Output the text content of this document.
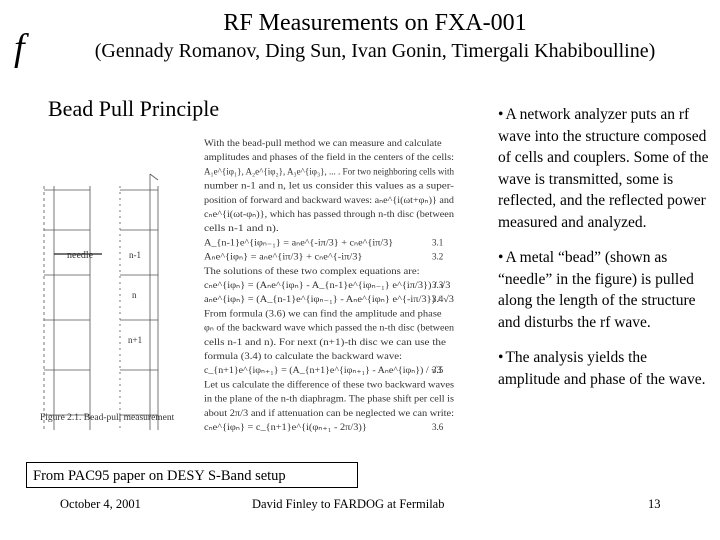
f
RF Measurements on FXA-001
(Gennady Romanov, Ding Sun, Ivan Gonin, Timergali Khabiboulline)
Bead Pull Principle
needle	n-1
n
n+1
Figure 2.1. Bead-pull measurement
With the bead-pull method we can measure and calculate
amplitudes and phases of the field in the centers of the cells:
A₁e^{iφ₁}, A₂e^{iφ₂}, A₃e^{iφ₃}, ... . For two neighboring cells with
number n-1 and n, let us consider this values as a super-
position of forward and backward waves: aₙe^{i(ωt+φₙ)} and
cₙe^{i(ωt-φₙ)}, which has passed through n-th disc (between
cells n-1 and n).
A_{n-1}e^{iφₙ₋₁} = aₙe^{-iπ/3} + cₙe^{iπ/3}
Aₙe^{iφₙ} = aₙe^{iπ/3} + cₙe^{-iπ/3}
The solutions of these two complex equations are:
cₙe^{iφₙ} = (Aₙe^{iφₙ} - A_{n-1}e^{iφₙ₋₁} e^{iπ/3}) / √3
aₙe^{iφₙ} = (A_{n-1}e^{iφₙ₋₁} - Aₙe^{iφₙ} e^{-iπ/3}) / √3
From formula (3.6) we can find the amplitude and phase
φₙ of the backward wave which passed the n-th disc (between
cells n-1 and n). For next (n+1)-th disc we can use the
formula (3.4) to calculate the backward wave:
c_{n+1}e^{iφₙ₊₁} = (A_{n+1}e^{iφₙ₊₁} - Aₙe^{iφₙ}) / √3
Let us calculate the difference of these two backward waves
in the plane of the n-th diaphragm. The phase shift per cell is
about 2π/3 and if attenuation can be neglected we can write:
cₙe^{iφₙ} = c_{n+1}e^{i(φₙ₊₁ - 2π/3)}
3.1
3.2
3.3
3.4
3.5
3.6
• A network analyzer puts an rf wave into the structure composed of cells and couplers. Some of the wave is transmitted, some is reflected, and the reflected power measured and analyzed.
• A metal “bead” (shown as “needle” in the figure) is pulled along the length of the structure and disturbs the rf wave.
• The analysis yields the amplitude and phase of the wave.
From PAC95 paper on DESY S-Band setup
October 4, 2001	David Finley to FARDOG at Fermilab	13
